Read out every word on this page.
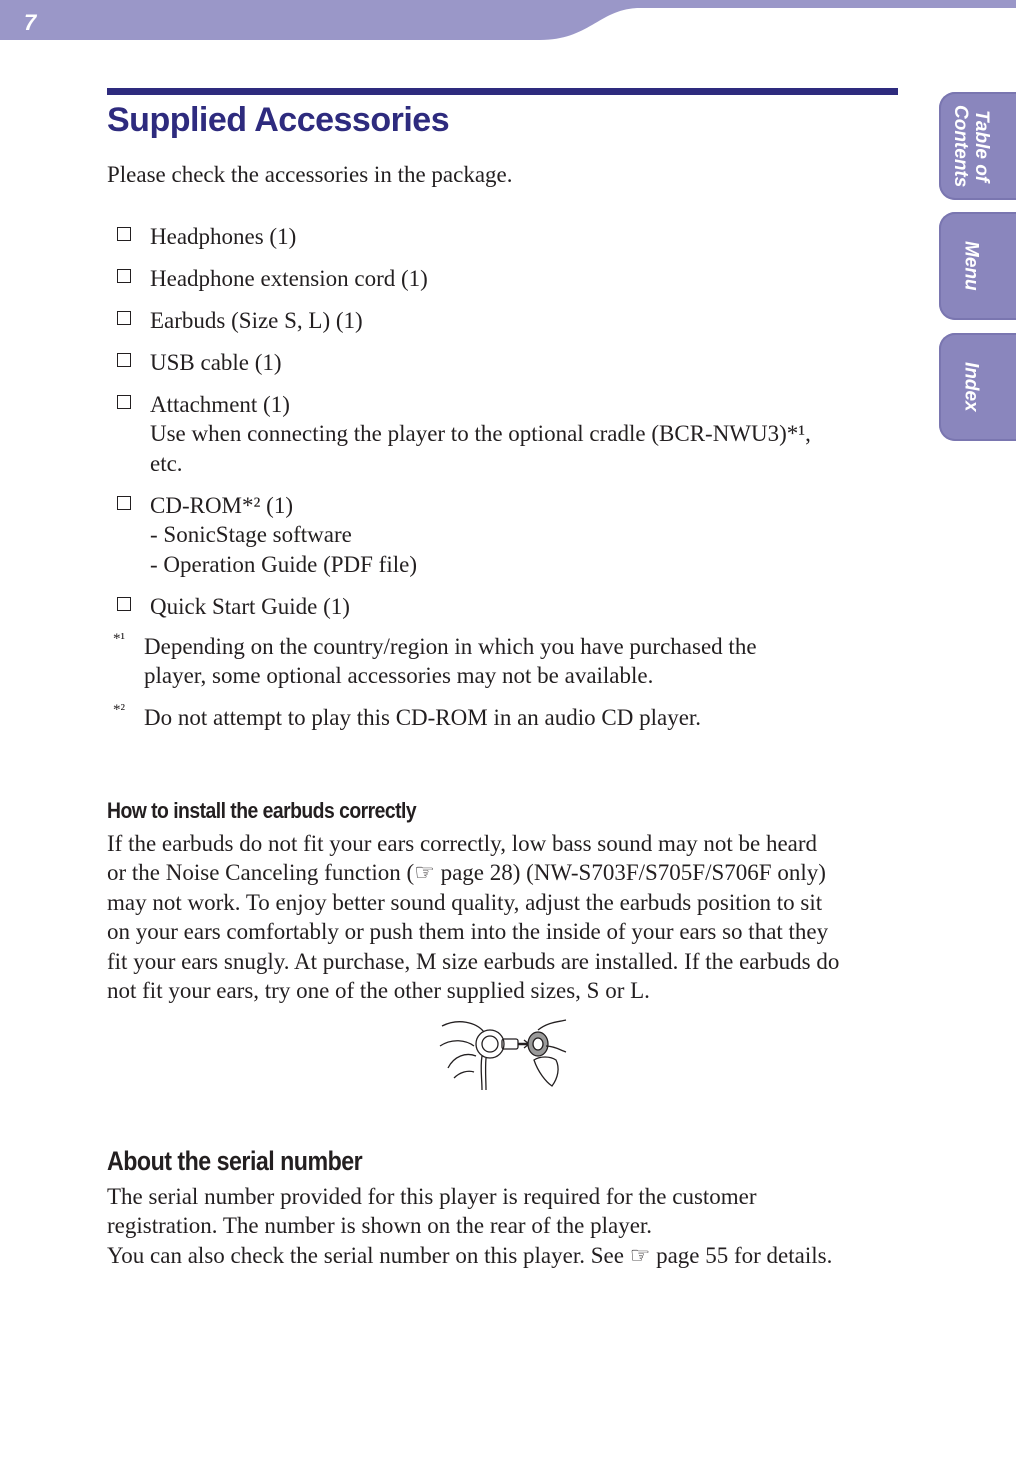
7
Table of Contents
Menu
Index
Supplied Accessories

Please check the accessories in the package.

Headphones (1)
Headphone extension cord (1)
Earbuds (Size S, L) (1)
USB cable (1)
Attachment (1)
Use when connecting the player to the optional cradle (BCR-NWU3)*¹,
etc.
CD-ROM*² (1)
- SonicStage software
- Operation Guide (PDF file)
Quick Start Guide (1)
*¹ Depending on the country/region in which you have purchased the
player, some optional accessories may not be available.
*² Do not attempt to play this CD-ROM in an audio CD player.
How to install the earbuds correctly

If the earbuds do not fit your ears correctly, low bass sound may not be heard
or the Noise Canceling function (☞ page 28) (NW-S703F/S705F/S706F only)
may not work. To enjoy better sound quality, adjust the earbuds position to sit
on your ears comfortably or push them into the inside of your ears so that they
fit your ears snugly. At purchase, M size earbuds are installed. If the earbuds do
not fit your ears, try one of the other supplied sizes, S or L.

About the serial number

The serial number provided for this player is required for the customer
registration. The number is shown on the rear of the player.
You can also check the serial number on this player. See ☞ page 55 for details.
